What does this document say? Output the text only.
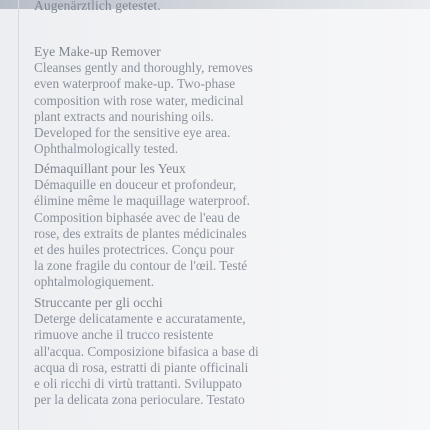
Augenärztlich getestet.
Eye Make-up Remover
Cleanses gently and thoroughly, removes
even waterproof make-up. Two-phase
composition with rose water, medicinal
plant extracts and nourishing oils.
Developed for the sensitive eye area.
Ophthalmologically tested.
Démaquillant pour les Yeux
Démaquille en douceur et profondeur,
élimine même le maquillage waterproof.
Composition biphasée avec de l'eau de
rose, des extraits de plantes médicinales
et des huiles protectrices. Conçu pour
la zone fragile du contour de l'œil. Testé
ophtalmologiquement.
Struccante per gli occhi
Deterge delicatamente e accuratamente,
rimuove anche il trucco resistente
all'acqua. Composizione bifasica a base di
acqua di rosa, estratti di piante officinali
e oli ricchi di virtù trattanti. Sviluppato
per la delicata zona perioculare. Testato
